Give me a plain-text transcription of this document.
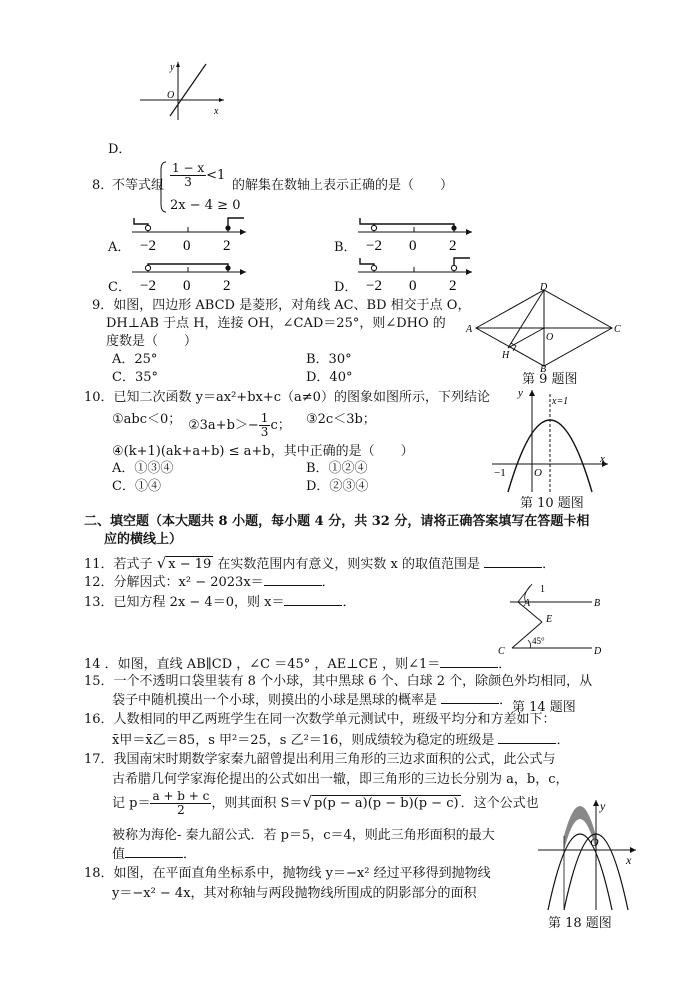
y
x
O
D．
8．
不等式组 $\frac{1 - x}{3} <1$
2x − 4 ≥ 0
的解集在数轴上表示正确的是（　　）
A． −2 0 2	B． −2 0 2
C． −2 0 2	D． −2 0 2
9．如图，四边形 ABCD 是菱形，对角线 AC、BD 相交于点 O，
DH⊥AB 于点 H，连接 OH，∠CAD＝25°，则∠DHO 的
度数是（　　）
A．25°	B．30°
C．35°	D．40°
A
B
C
D
H
O
第 9 题图
10．已知二次函数 y＝ax²+bx+c（a≠0）的图象如图所示，下列结论
①abc＜0； ②3a+b＞− $\frac{1}{3}$ c； ③2c＜3b；
④(k+1)(ak+a+b) ≤ a+b，其中正确的是（　　）
A．①③④	B．①②④
C．①④	D．②③④
y
x
x=1
−1	O
第 10 题图
二、填空题（本大题共 8 小题，每小题 4 分，共 32 分，请将正确答案填写在答题卡相
应的横线上）
11．若式子 √ x − 19 在实数范围内有意义，则实数 x 的取值范围是	．
12．分解因式：x² − 2023x＝	．
13．已知方程 2x − 4＝0，则 x＝	．
1
A	B
E
45°
C	D
14 ．如图，直线 AB∥CD ，∠C ＝45° ，AE⊥CE ，则∠1＝	．
15．一个不透明口袋里装有 8 个小球，其中黑球 6 个、白球 2 个，除颜色外均相同，从
袋子中随机摸出一个小球，则摸出的小球是黑球的概率是	． 第 14 题图
16．人数相同的甲乙两班学生在同一次数学单元测试中，班级平均分和方差如下：
x̄甲＝x̄乙＝85，s 甲²＝25，s 乙²＝16，则成绩较为稳定的班级是	．
17．我国南宋时期数学家秦九韶曾提出利用三角形的三边求面积的公式，此公式与
古希腊几何学家海伦提出的公式如出一辙，即三角形的三边长分别为 a，b，c，
记 $p= \frac{a + b + c}{2}$ ，则其面积 S＝√ p(p − a)(p − b)(p − c) ．这个公式也
被称为海伦- 秦九韶公式．若 p＝5，c＝4，则此三角形面积的最大
值	．
18．如图，在平面直角坐标系中，抛物线 y＝−x² 经过平移得到抛物线
y＝−x² − 4x，其对称轴与两段抛物线所围成的阴影部分的面积
y
x
O
第 18 题图
